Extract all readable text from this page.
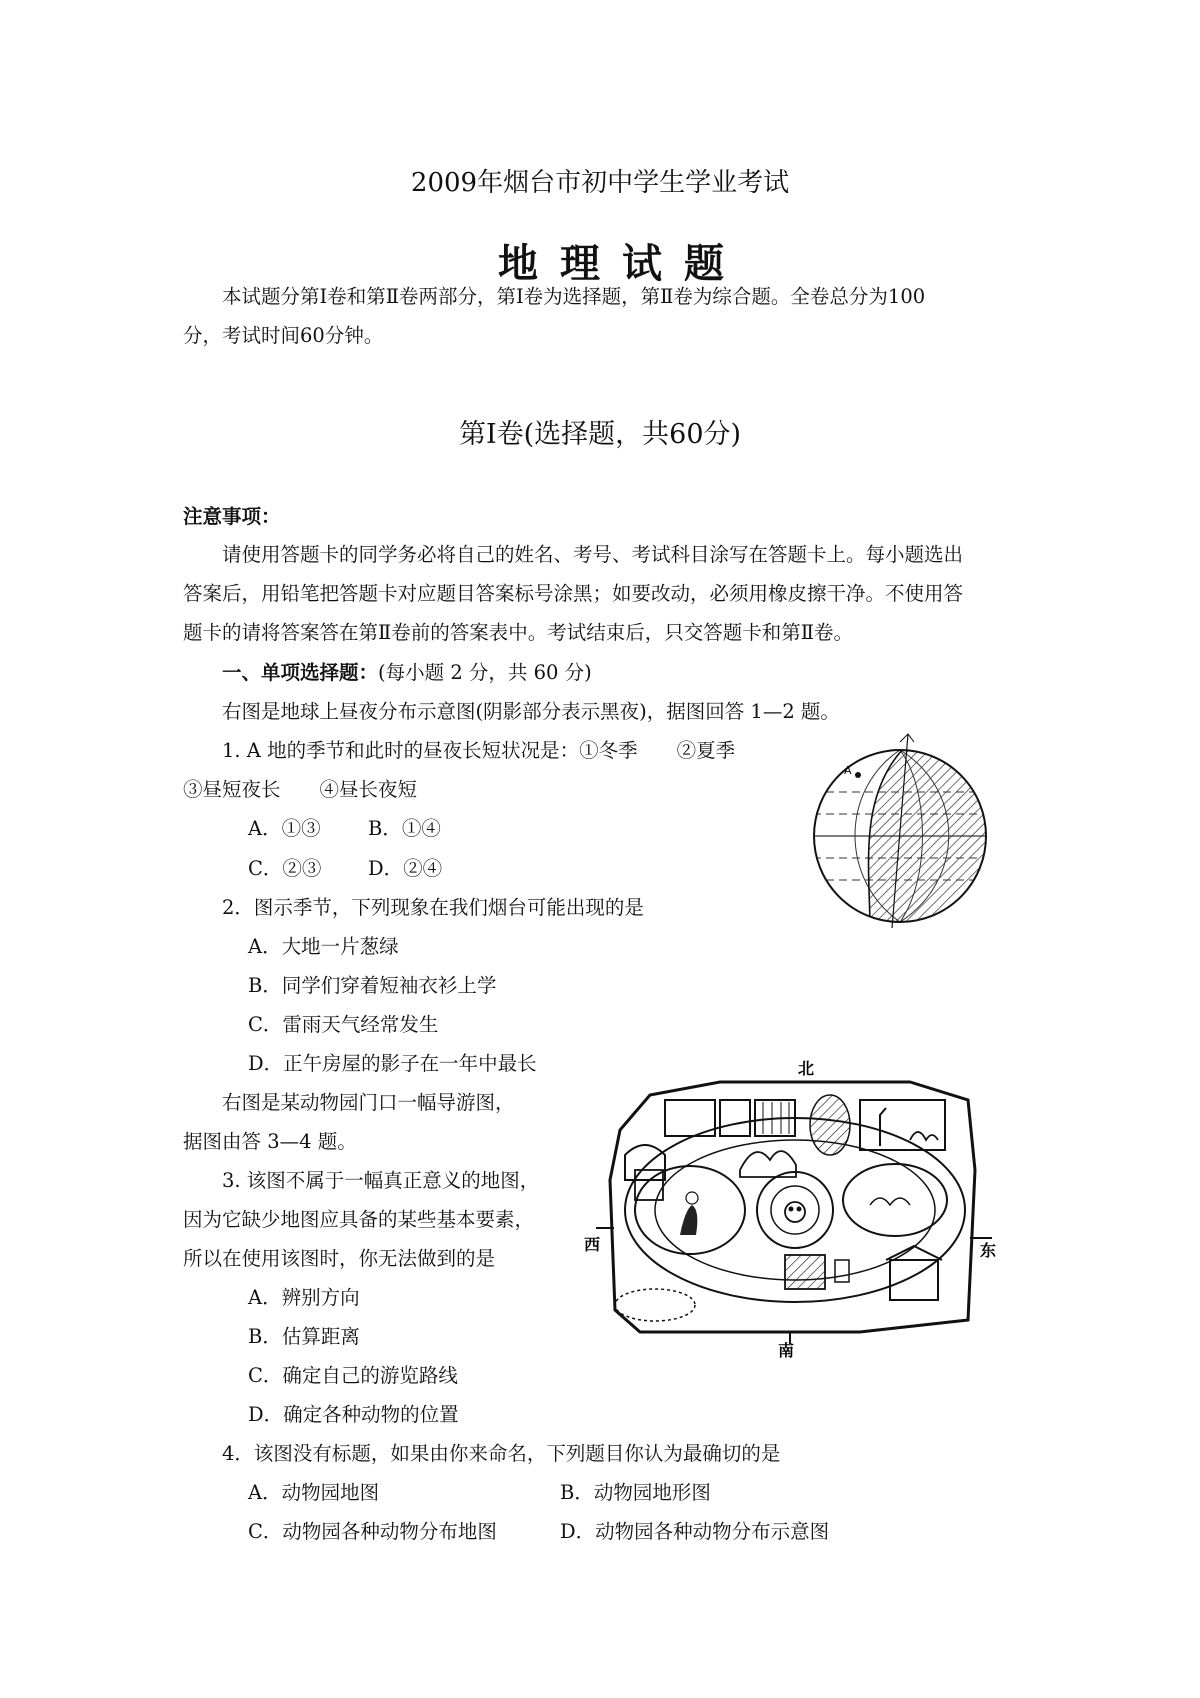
2009年烟台市初中学生学业考试
地理试题
本试题分第Ⅰ卷和第Ⅱ卷两部分，第Ⅰ卷为选择题，第Ⅱ卷为综合题。全卷总分为100
分，考试时间60分钟。
第Ⅰ卷(选择题，共60分)
注意事项：
请使用答题卡的同学务必将自己的姓名、考号、考试科目涂写在答题卡上。每小题选出
答案后，用铅笔把答题卡对应题目答案标号涂黑；如要改动，必须用橡皮擦干净。不使用答
题卡的请将答案答在第Ⅱ卷前的答案表中。考试结束后，只交答题卡和第Ⅱ卷。
一、单项选择题：(每小题 2 分，共 60 分)
右图是地球上昼夜分布示意图(阴影部分表示黑夜)，据图回答 1—2 题。
1. A 地的季节和此时的昼夜长短状况是：①冬季　　②夏季
③昼短夜长　　④昼长夜短
A．①③ B．①④
C．②③ D．②④
2．图示季节，下列现象在我们烟台可能出现的是
A．大地一片葱绿
B．同学们穿着短袖衣衫上学
C．雷雨天气经常发生
D．正午房屋的影子在一年中最长
右图是某动物园门口一幅导游图，
据图由答 3—4 题。
3. 该图不属于一幅真正意义的地图，
因为它缺少地图应具备的某些基本要素，
所以在使用该图时，你无法做到的是
A．辨别方向
B．估算距离
C．确定自己的游览路线
D．确定各种动物的位置
4．该图没有标题，如果由你来命名，下列题目你认为最确切的是
A．动物园地图	B．动物园地形图
C．动物园各种动物分布地图	D．动物园各种动物分布示意图
A
北
南
西	东
